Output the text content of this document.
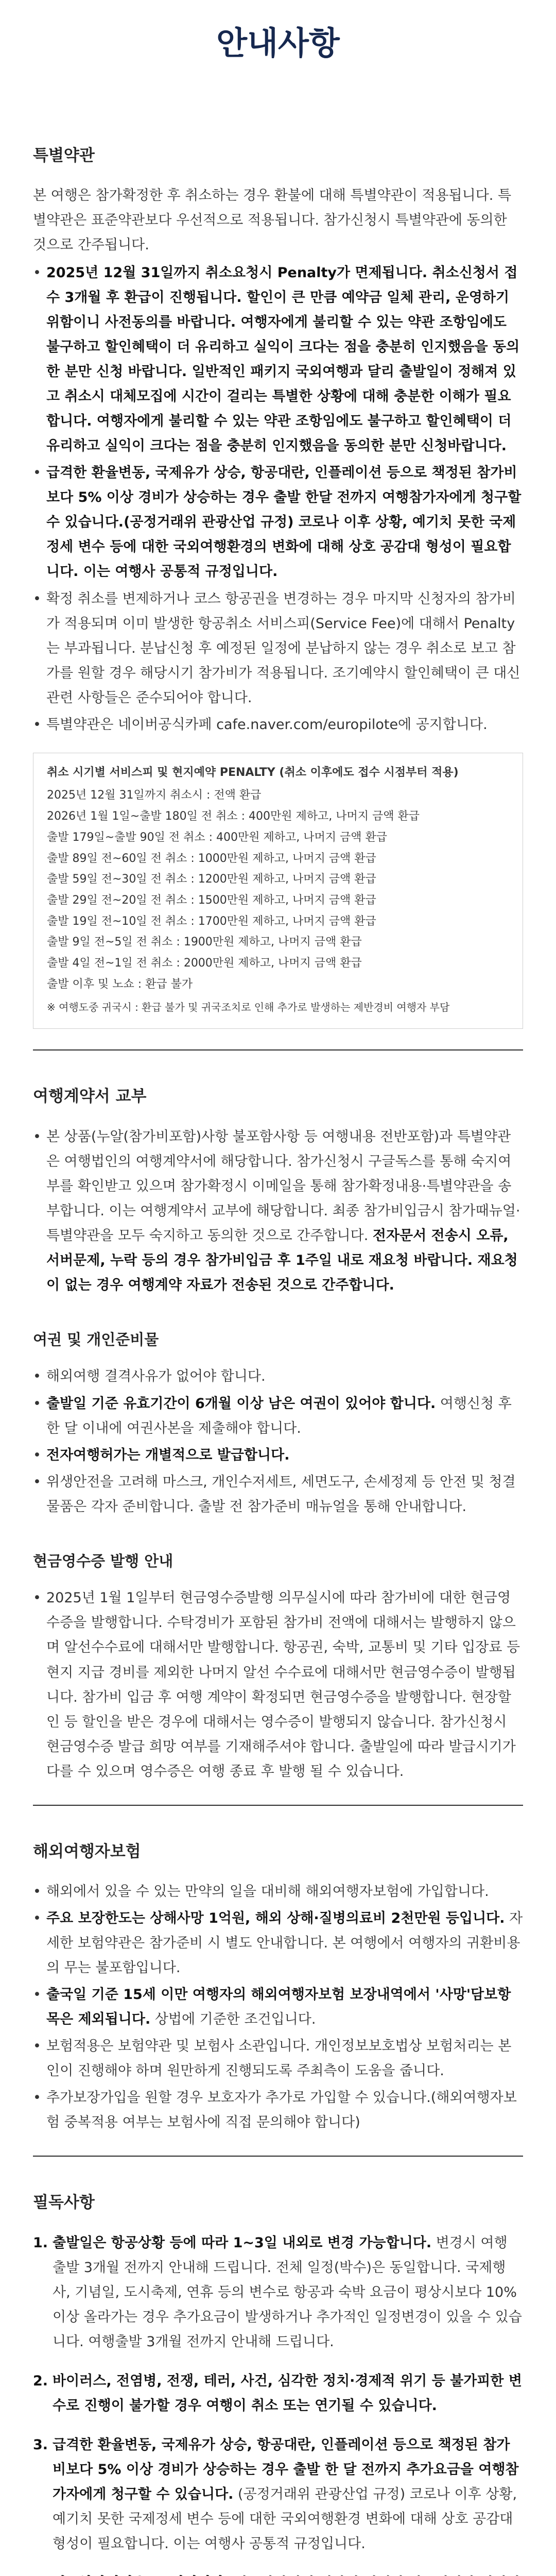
안내사항
특별약관

본 여행은 참가확정한 후 취소하는 경우 환불에 대해 특별약관이 적용됩니다. 특별약관은 표준약관보다 우선적으로 적용됩니다. 참가신청시 특별약관에 동의한 것으로 간주됩니다.

• 2025년 12월 31일까지 취소요청시 Penalty가 면제됩니다. 취소신청서 접수 3개월 후 환급이 진행됩니다. 할인이 큰 만큼 예약금 일체 관리, 운영하기 위함이니 사전동의를 바랍니다. 여행자에게 불리할 수 있는 약관 조항임에도 불구하고 할인혜택이 더 유리하고 실익이 크다는 점을 충분히 인지했음을 동의한 분만 신청 바랍니다. 일반적인 패키지 국외여행과 달리 출발일이 정해져 있고 취소시 대체모집에 시간이 걸리는 특별한 상황에 대해 충분한 이해가 필요합니다. 여행자에게 불리할 수 있는 약관 조항임에도 불구하고 할인혜택이 더 유리하고 실익이 크다는 점을 충분히 인지했음을 동의한 분만 신청바랍니다.
• 급격한 환율변동, 국제유가 상승, 항공대란, 인플레이션 등으로 책정된 참가비보다 5% 이상 경비가 상승하는 경우 출발 한달 전까지 여행참가자에게 청구할 수 있습니다.(공정거래위 관광산업 규정) 코로나 이후 상황, 예기치 못한 국제정세 변수 등에 대한 국외여행환경의 변화에 대해 상호 공감대 형성이 필요합니다. 이는 여행사 공통적 규정입니다.
• 확정 취소를 변제하거나 코스 항공권을 변경하는 경우 마지막 신청자의 참가비가 적용되며 이미 발생한 항공취소 서비스피(Service Fee)에 대해서 Penalty는 부과됩니다. 분납신청 후 예정된 일정에 분납하지 않는 경우 취소로 보고 참가를 원할 경우 해당시기 참가비가 적용됩니다. 조기예약시 할인혜택이 큰 대신 관련 사항들은 준수되어야 합니다.
• 특별약관은 네이버공식카페 cafe.naver.com/europilote에 공지합니다.
취소 시기별 서비스피 및 현지예약 PENALTY (취소 이후에도 접수 시점부터 적용)
2025년 12월 31일까지 취소시 : 전액 환급
2026년 1월 1일~출발 180일 전 취소 : 400만원 제하고, 나머지 금액 환급
출발 179일~출발 90일 전 취소 : 400만원 제하고, 나머지 금액 환급
출발 89일 전~60일 전 취소 : 1000만원 제하고, 나머지 금액 환급
출발 59일 전~30일 전 취소 : 1200만원 제하고, 나머지 금액 환급
출발 29일 전~20일 전 취소 : 1500만원 제하고, 나머지 금액 환급
출발 19일 전~10일 전 취소 : 1700만원 제하고, 나머지 금액 환급
출발 9일 전~5일 전 취소 : 1900만원 제하고, 나머지 금액 환급
출발 4일 전~1일 전 취소 : 2000만원 제하고, 나머지 금액 환급
출발 이후 및 노쇼 : 환급 불가
※ 여행도중 귀국시 : 환급 불가 및 귀국조치로 인해 추가로 발생하는 제반경비 여행자 부담
여행계약서 교부
• 본 상품(누알(참가비포함)사항 불포함사항 등 여행내용 전반포함)과 특별약관은 여행법인의 여행계약서에 해당합니다. 참가신청시 구글독스를 통해 숙지여부를 확인받고 있으며 참가확정시 이메일을 통해 참가확정내용·특별약관을 송부합니다. 이는 여행계약서 교부에 해당합니다. 최종 참가비입금시 참가때뉴얼·특별약관을 모두 숙지하고 동의한 것으로 간주합니다. 전자문서 전송시 오류, 서버문제, 누락 등의 경우 참가비입금 후 1주일 내로 재요청 바랍니다. 재요청이 없는 경우 여행계약 자료가 전송된 것으로 간주합니다.
여권 및 개인준비물
• 해외여행 결격사유가 없어야 합니다.
• 출발일 기준 유효기간이 6개월 이상 남은 여권이 있어야 합니다. 여행신청 후 한 달 이내에 여권사본을 제출해야 합니다.
• 전자여행허가는 개별적으로 발급합니다.
• 위생안전을 고려해 마스크, 개인수저세트, 세면도구, 손세정제 등 안전 및 청결물품은 각자 준비합니다. 출발 전 참가준비 매뉴얼을 통해 안내합니다.
현금영수증 발행 안내
• 2025년 1월 1일부터 현금영수증발행 의무실시에 따라 참가비에 대한 현금영수증을 발행합니다. 수탁경비가 포함된 참가비 전액에 대해서는 발행하지 않으며 알선수수료에 대해서만 발행합니다. 항공권, 숙박, 교통비 및 기타 입장료 등 현지 지급 경비를 제외한 나머지 알선 수수료에 대해서만 현금영수증이 발행됩니다. 참가비 입금 후 여행 계약이 확정되면 현금영수증을 발행합니다. 현장할인 등 할인을 받은 경우에 대해서는 영수증이 발행되지 않습니다. 참가신청시 현금영수증 발급 희망 여부를 기재해주셔야 합니다. 출발일에 따라 발급시기가 다를 수 있으며 영수증은 여행 종료 후 발행 될 수 있습니다.
해외여행자보험
• 해외에서 있을 수 있는 만약의 일을 대비해 해외여행자보험에 가입합니다.
• 주요 보장한도는 상해사망 1억원, 해외 상해·질병의료비 2천만원 등입니다. 자세한 보험약관은 참가준비 시 별도 안내합니다. 본 여행에서 여행자의 귀환비용의 무는 불포함입니다.
• 출국일 기준 15세 이만 여행자의 해외여행자보험 보장내역에서 '사망'담보항목은 제외됩니다. 상법에 기준한 조건입니다.
• 보험적용은 보험약관 및 보험사 소관입니다. 개인정보보호법상 보험처리는 본인이 진행해야 하며 원만하게 진행되도록 주최측이 도움을 줍니다.
• 추가보장가입을 원할 경우 보호자가 추가로 가입할 수 있습니다.(해외여행자보험 중복적용 여부는 보험사에 직접 문의해야 합니다)
필독사항
1. 출발일은 항공상황 등에 따라 1~3일 내외로 변경 가능합니다. 변경시 여행 출발 3개월 전까지 안내해 드립니다. 전체 일정(박수)은 동일합니다. 국제행사, 기념일, 도시축제, 연휴 등의 변수로 항공과 숙박 요금이 평상시보다 10% 이상 올라가는 경우 추가요금이 발생하거나 추가적인 일정변경이 있을 수 있습니다. 여행출발 3개월 전까지 안내해 드립니다.
2. 바이러스, 전염병, 전쟁, 테러, 사건, 심각한 정치·경제적 위기 등 불가피한 변수로 진행이 불가할 경우 여행이 취소 또는 연기될 수 있습니다.
3. 급격한 환율변동, 국제유가 상승, 항공대란, 인플레이션 등으로 책정된 참가비보다 5% 이상 경비가 상승하는 경우 출발 한 달 전까지 추가요금을 여행참가자에게 청구할 수 있습니다. (공정거래위 관광산업 규정) 코로나 이후 상황, 예기치 못한 국제정세 변수 등에 대한 국외여행환경 변화에 대해 상호 공감대 형성이 필요합니다. 이는 여행사 공통적 규정입니다.
